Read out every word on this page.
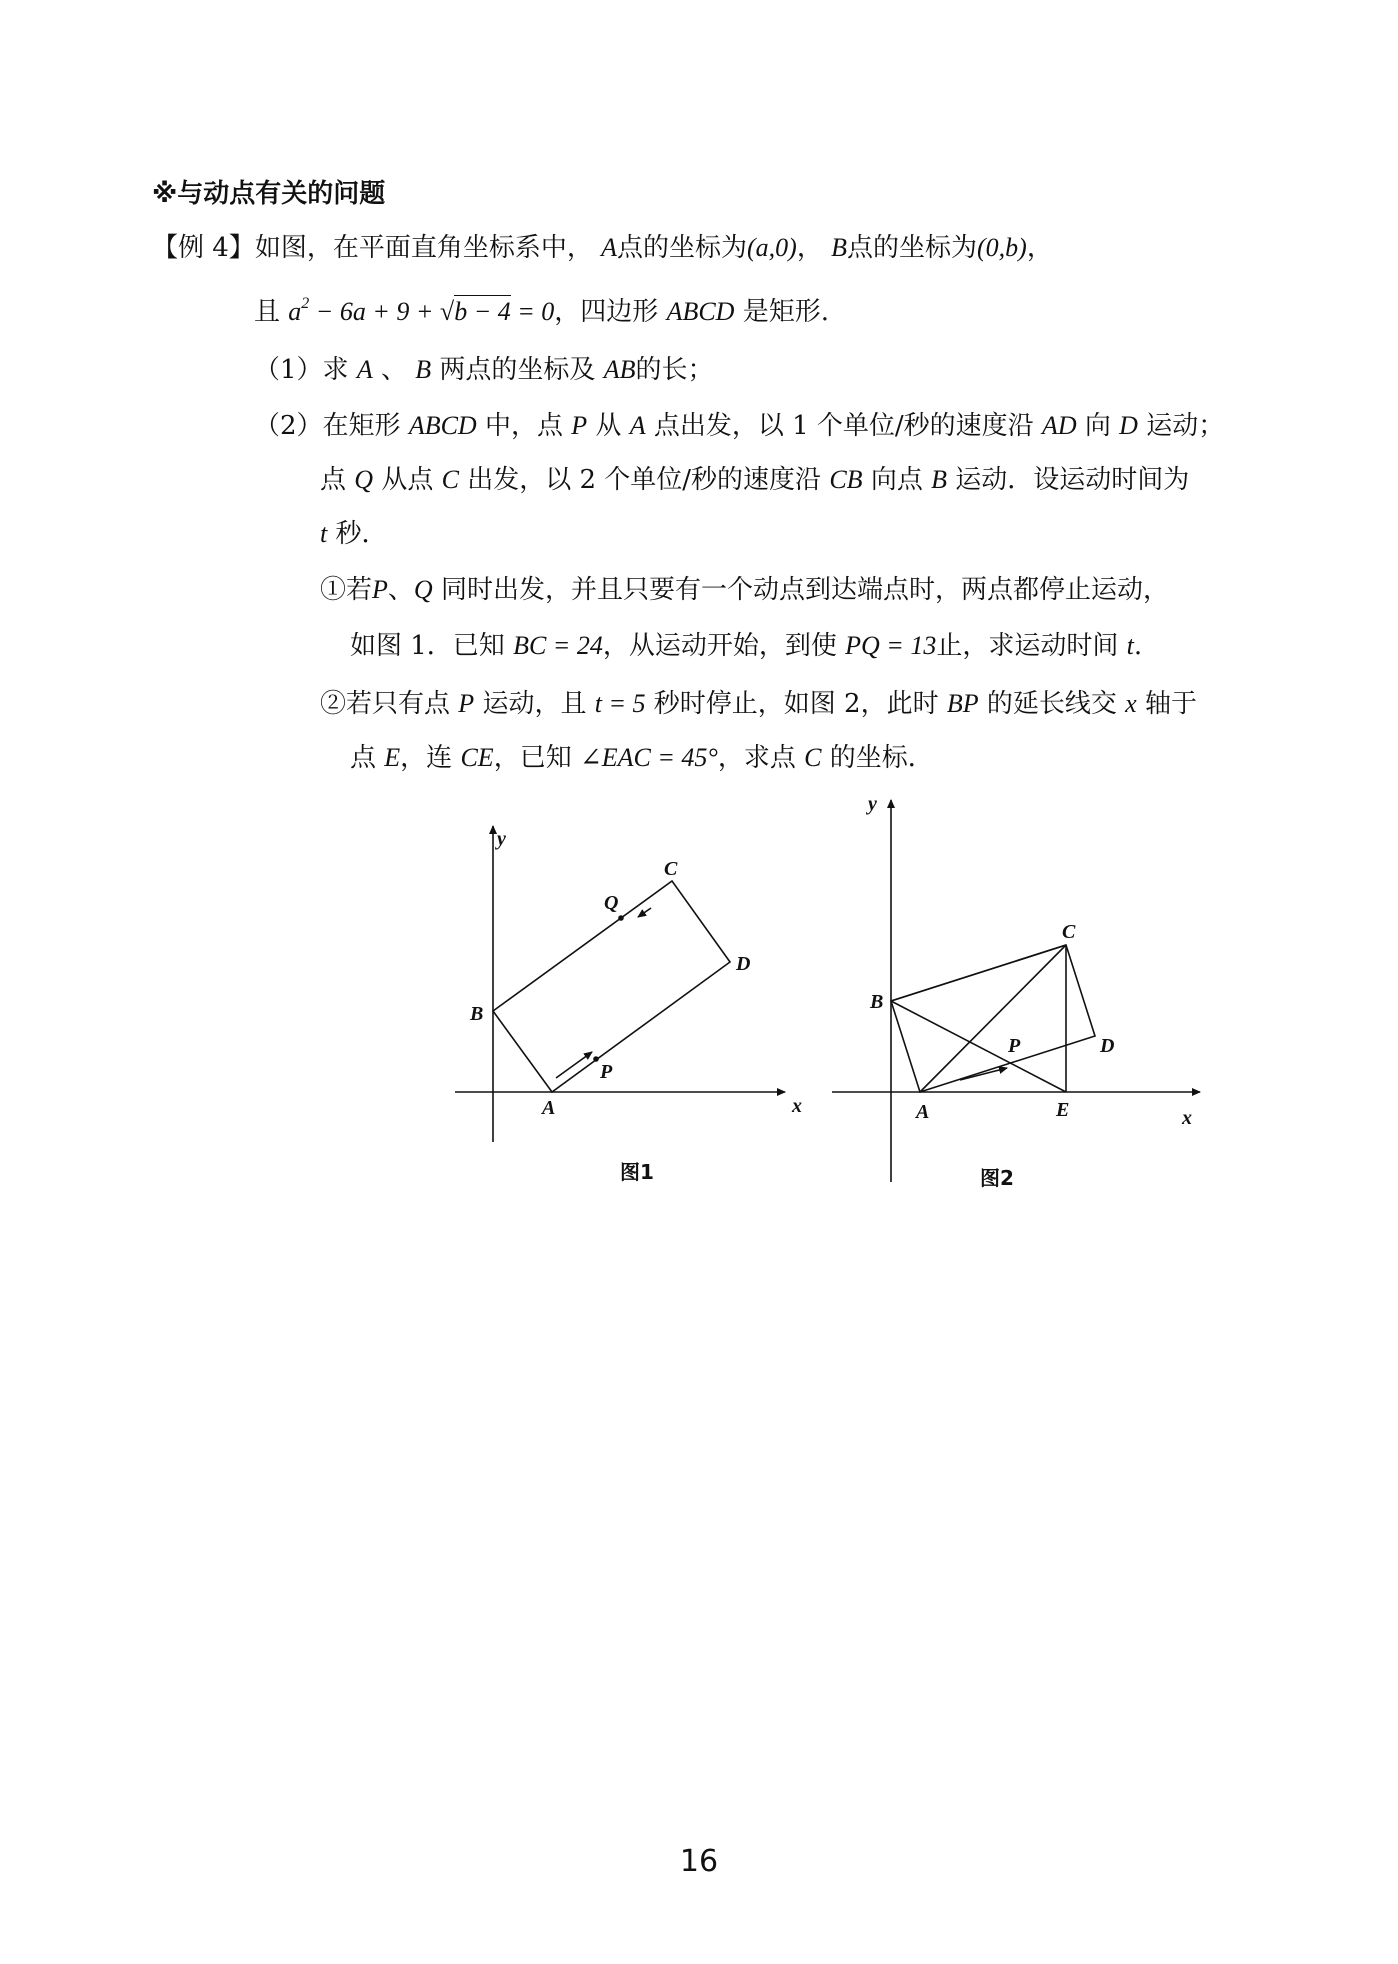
※与动点有关的问题
【例 4】如图，在平面直角坐标系中， A点的坐标为(a,0)， B点的坐标为(0,b)，
且 $a^2 - 6a + 9 + √b - 4 = 0$，四边形 ABCD 是矩形.
（1）求 A 、 B 两点的坐标及 AB的长；
（2）在矩形 ABCD 中，点 P 从 A 点出发，以 1 个单位/秒的速度沿 AD 向 D 运动；
点 Q 从点 C 出发，以 2 个单位/秒的速度沿 CB 向点 B 运动．设运动时间为
t 秒．
①若P、Q 同时出发，并且只要有一个动点到达端点时，两点都停止运动，
如图 1．已知 BC = 24，从运动开始，到使 PQ = 13止，求运动时间 t.
②若只有点 P 运动，且 t = 5 秒时停止，如图 2，此时 BP 的延长线交 x 轴于
点 E，连 CE，已知 ∠EAC = 45°，求点 C 的坐标．
y
x
A
B
C
D
P
Q
图1
y
x
A
B
C
D
P
E
图2
16
